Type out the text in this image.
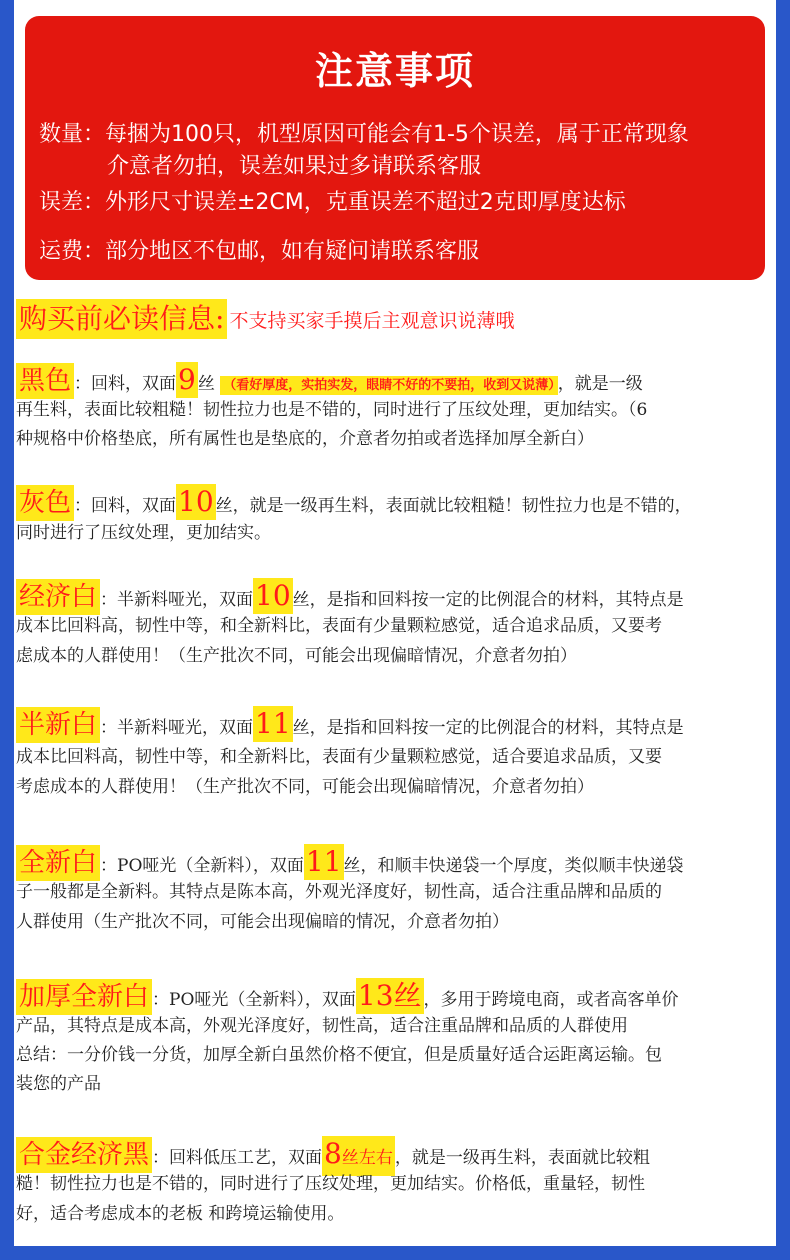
注意事项
数量：每捆为100只，机型原因可能会有1-5个误差，属于正常现象
介意者勿拍，误差如果过多请联系客服
误差：外形尺寸误差±2CM，克重误差不超过2克即厚度达标
运费：部分地区不包邮，如有疑问请联系客服
购买前必读信息: 不支持买家手摸后主观意识说薄哦
黑色 ：回料，双面9 丝 （看好厚度，实拍实发，眼睛不好的不要拍，收到又说薄） ，就是一级
再生料，表面比较粗糙！韧性拉力也是不错的，同时进行了压纹处理，更加结实。（6
种规格中价格垫底，所有属性也是垫底的，介意者勿拍或者选择加厚全新白）
灰色 ：回料，双面10 丝，就是一级再生料，表面就比较粗糙！韧性拉力也是不错的，
同时进行了压纹处理，更加结实。
经济白 ：半新料哑光，双面10 丝，是指和回料按一定的比例混合的材料，其特点是
成本比回料高，韧性中等，和全新料比，表面有少量颗粒感觉，适合追求品质，又要考
虑成本的人群使用！（生产批次不同，可能会出现偏暗情况，介意者勿拍）
半新白 ：半新料哑光，双面11 丝，是指和回料按一定的比例混合的材料，其特点是
成本比回料高，韧性中等，和全新料比，表面有少量颗粒感觉，适合要追求品质，又要
考虑成本的人群使用！（生产批次不同，可能会出现偏暗情况，介意者勿拍）
全新白 ：PO哑光（全新料），双面11 丝，和顺丰快递袋一个厚度，类似顺丰快递袋
子一般都是全新料。其特点是陈本高，外观光泽度好，韧性高，适合注重品牌和品质的
人群使用（生产批次不同，可能会出现偏暗的情况，介意者勿拍）
加厚全新白 ：PO哑光（全新料），双面13丝 ，多用于跨境电商，或者高客单价
产品，其特点是成本高，外观光泽度好，韧性高，适合注重品牌和品质的人群使用
总结：一分价钱一分货，加厚全新白虽然价格不便宜，但是质量好适合运距离运输。包
装您的产品
合金经济黑 ：回料低压工艺，双面8丝左右 ，就是一级再生料，表面就比较粗
糙！韧性拉力也是不错的，同时进行了压纹处理，更加结实。价格低，重量轻，韧性
好，适合考虑成本的老板 和跨境运输使用。
